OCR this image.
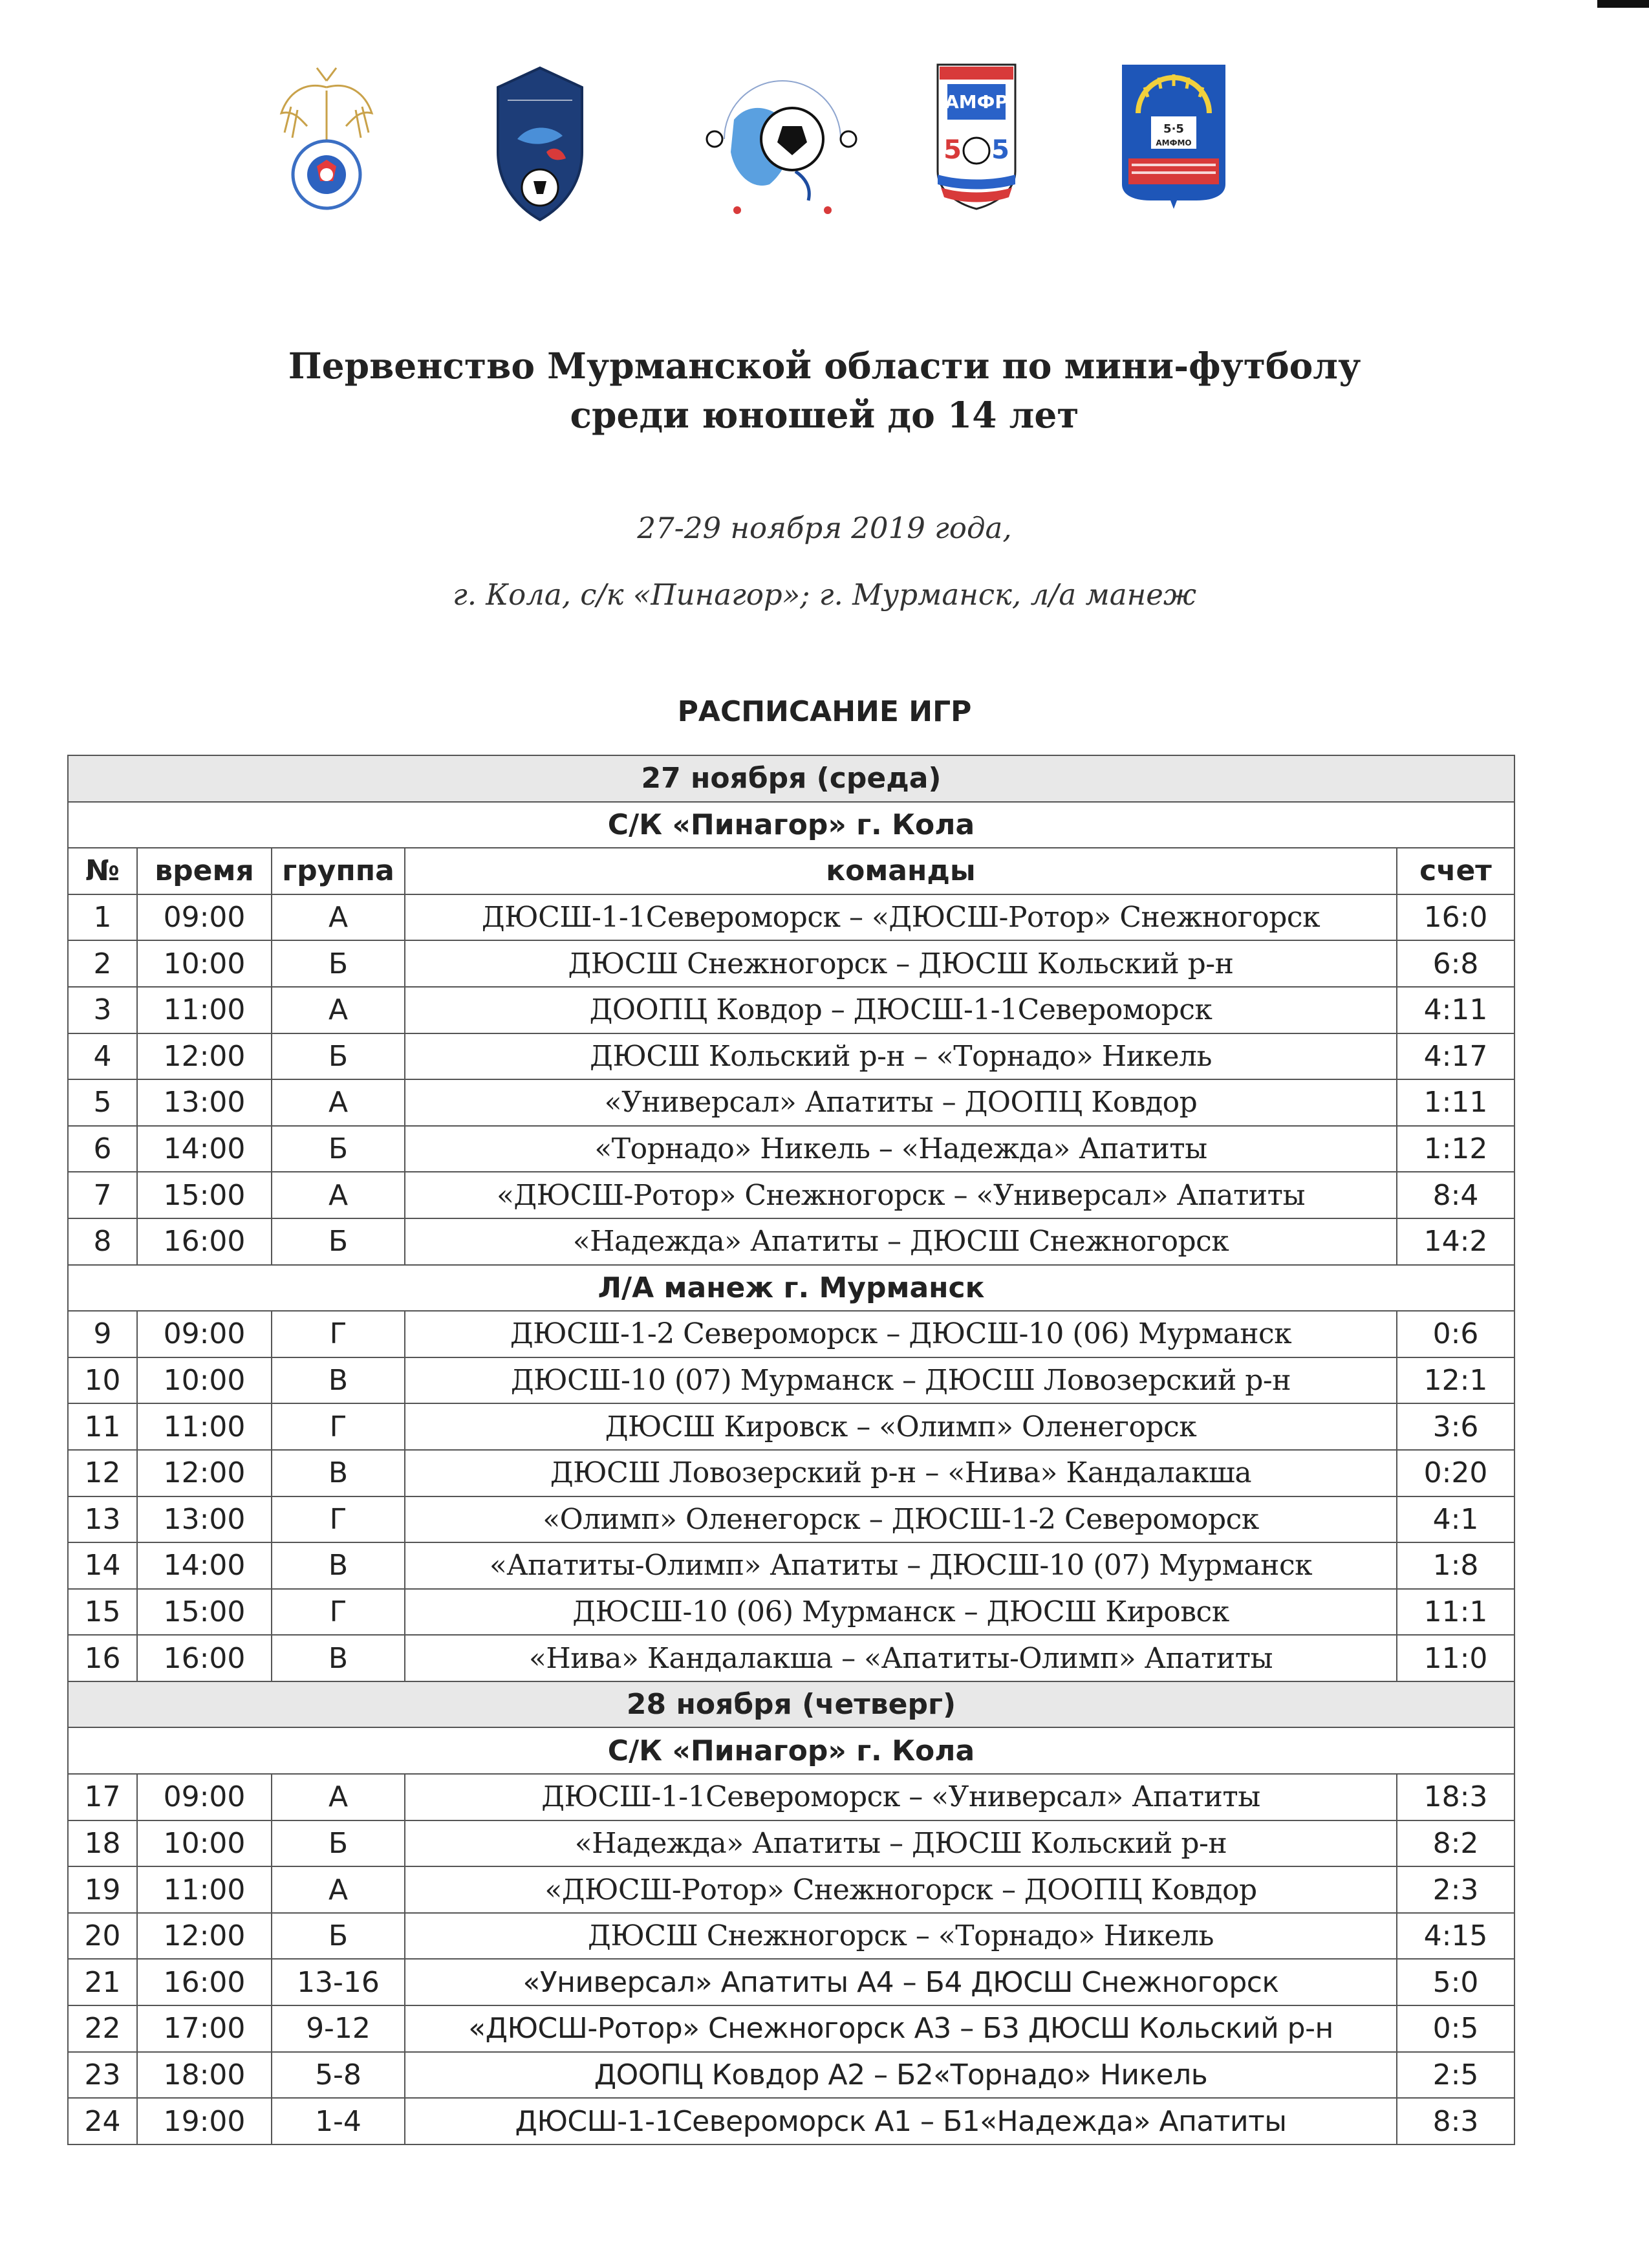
АМФР
5 5
5·5
АМФМО
Первенство Мурманской области по мини-футболу
среди юношей до 14 лет
27-29 ноября 2019 года,
г. Кола, с/к «Пинагор»; г. Мурманск, л/а манеж
РАСПИСАНИЕ ИГР
27 ноября (среда)				
С/К «Пинагор» г. Кола				
№	время	группа	команды	счет
1	09:00	А	ДЮСШ-1-1Североморск – «ДЮСШ-Ротор» Снежногорск	16:0
2	10:00	Б	ДЮСШ Снежногорск – ДЮСШ Кольский р-н	6:8
3	11:00	А	ДООПЦ Ковдор – ДЮСШ-1-1Североморск	4:11
4	12:00	Б	ДЮСШ Кольский р-н – «Торнадо» Никель	4:17
5	13:00	А	«Универсал» Апатиты – ДООПЦ Ковдор	1:11
6	14:00	Б	«Торнадо» Никель – «Надежда» Апатиты	1:12
7	15:00	А	«ДЮСШ-Ротор» Снежногорск – «Универсал» Апатиты	8:4
8	16:00	Б	«Надежда» Апатиты – ДЮСШ Снежногорск	14:2
Л/А манеж г. Мурманск				
9	09:00	Г	ДЮСШ-1-2 Североморск – ДЮСШ-10 (06) Мурманск	0:6
10	10:00	В	ДЮСШ-10 (07) Мурманск – ДЮСШ Ловозерский р-н	12:1
11	11:00	Г	ДЮСШ Кировск – «Олимп» Оленегорск	3:6
12	12:00	В	ДЮСШ Ловозерский р-н – «Нива» Кандалакша	0:20
13	13:00	Г	«Олимп» Оленегорск – ДЮСШ-1-2 Североморск	4:1
14	14:00	В	«Апатиты-Олимп» Апатиты – ДЮСШ-10 (07) Мурманск	1:8
15	15:00	Г	ДЮСШ-10 (06) Мурманск – ДЮСШ Кировск	11:1
16	16:00	В	«Нива» Кандалакша – «Апатиты-Олимп» Апатиты	11:0
28 ноября (четверг)				
С/К «Пинагор» г. Кола				
17	09:00	А	ДЮСШ-1-1Североморск – «Универсал» Апатиты	18:3
18	10:00	Б	«Надежда» Апатиты – ДЮСШ Кольский р-н	8:2
19	11:00	А	«ДЮСШ-Ротор» Снежногорск – ДООПЦ Ковдор	2:3
20	12:00	Б	ДЮСШ Снежногорск – «Торнадо» Никель	4:15
21	16:00	13-16	«Универсал» Апатиты А4 – Б4 ДЮСШ Снежногорск	5:0
22	17:00	9-12	«ДЮСШ-Ротор» Снежногорск А3 – Б3 ДЮСШ Кольский р-н	0:5
23	18:00	5-8	ДООПЦ Ковдор А2 – Б2«Торнадо» Никель	2:5
24	19:00	1-4	ДЮСШ-1-1Североморск А1 – Б1«Надежда» Апатиты	8:3
